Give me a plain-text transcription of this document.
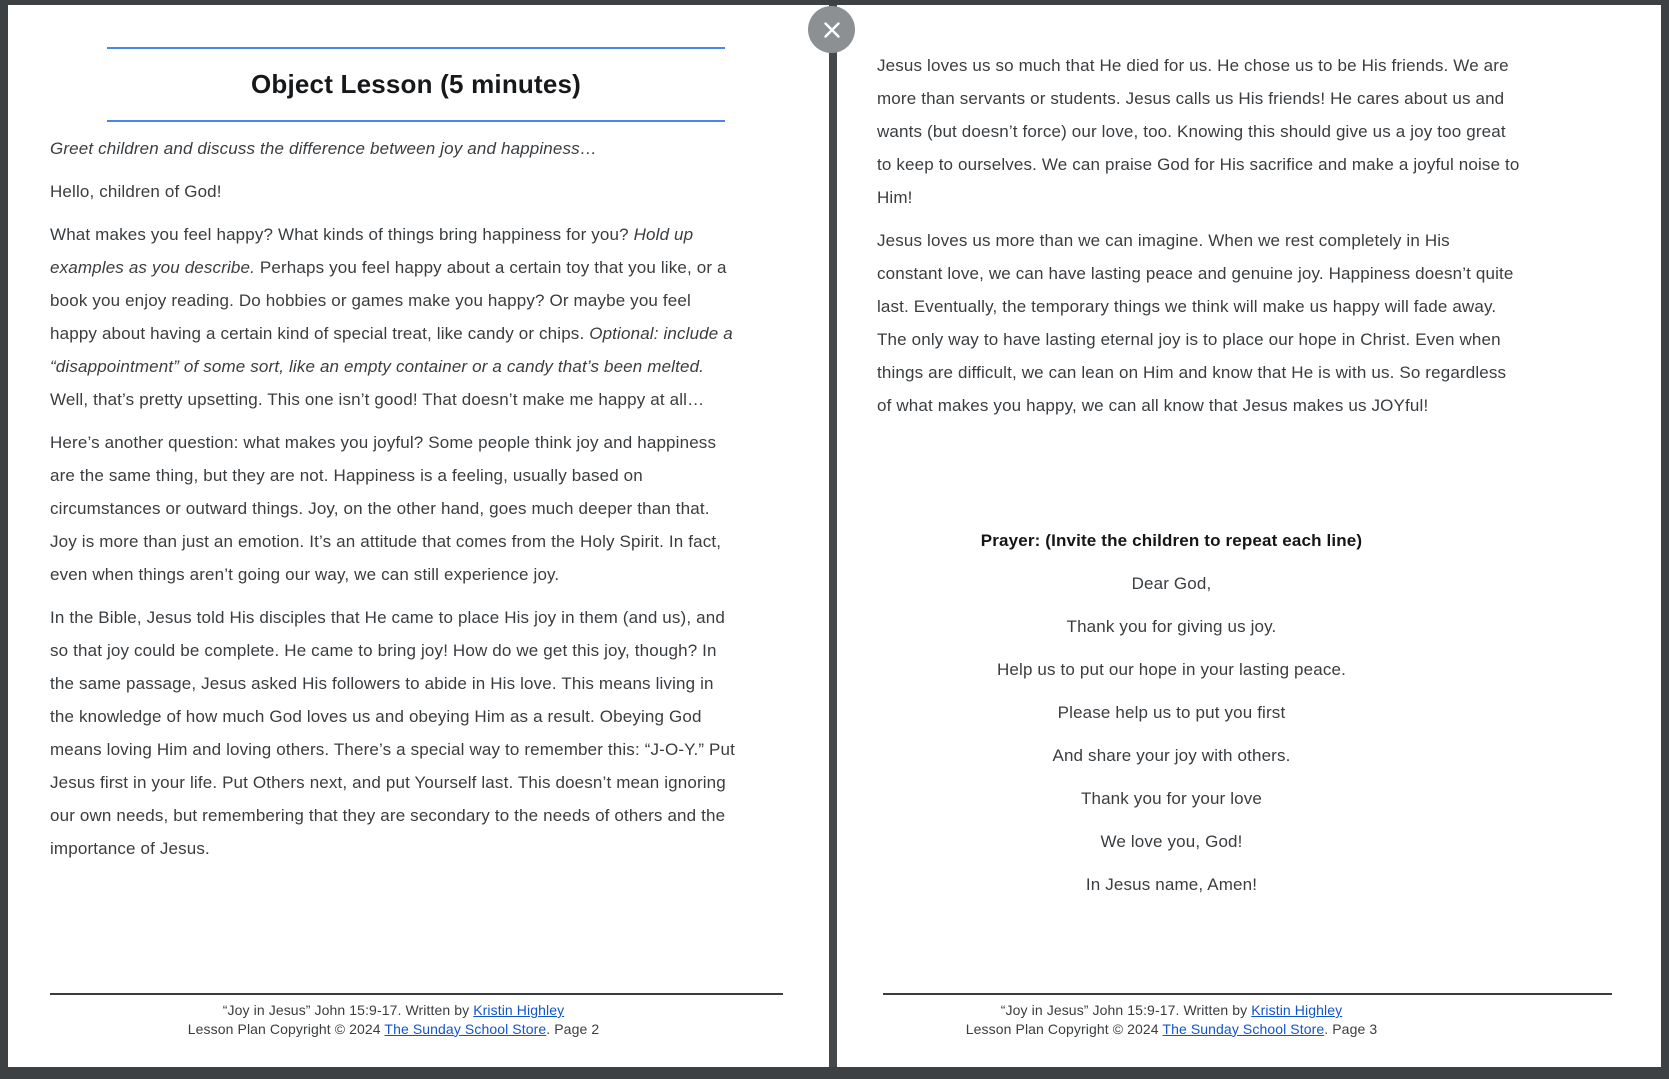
Object Lesson (5 minutes)

Greet children and discuss the difference between joy and happiness…

Hello, children of God!

What makes you feel happy? What kinds of things bring happiness for you? Hold up examples as you describe. Perhaps you feel happy about a certain toy that you like, or a book you enjoy reading. Do hobbies or games make you happy? Or maybe you feel happy about having a certain kind of special treat, like candy or chips. Optional: include a “disappointment” of some sort, like an empty container or a candy that’s been melted. Well, that’s pretty upsetting. This one isn’t good! That doesn’t make me happy at all…

Here’s another question: what makes you joyful? Some people think joy and happiness are the same thing, but they are not. Happiness is a feeling, usually based on circumstances or outward things. Joy, on the other hand, goes much deeper than that. Joy is more than just an emotion. It’s an attitude that comes from the Holy Spirit. In fact, even when things aren’t going our way, we can still experience joy.

In the Bible, Jesus told His disciples that He came to place His joy in them (and us), and so that joy could be complete. He came to bring joy! How do we get this joy, though? In the same passage, Jesus asked His followers to abide in His love. This means living in the knowledge of how much God loves us and obeying Him as a result. Obeying God means loving Him and loving others. There’s a special way to remember this: “J-O-Y.” Put Jesus first in your life. Put Others next, and put Yourself last. This doesn’t mean ignoring our own needs, but remembering that they are secondary to the needs of others and the importance of Jesus.

“Joy in Jesus” John 15:9-17. Written by Kristin Highley
Lesson Plan Copyright © 2024 The Sunday School Store. Page 2

Jesus loves us so much that He died for us. He chose us to be His friends. We are more than servants or students. Jesus calls us His friends! He cares about us and wants (but doesn’t force) our love, too. Knowing this should give us a joy too great to keep to ourselves. We can praise God for His sacrifice and make a joyful noise to Him!

Jesus loves us more than we can imagine. When we rest completely in His constant love, we can have lasting peace and genuine joy. Happiness doesn’t quite last. Eventually, the temporary things we think will make us happy will fade away. The only way to have lasting eternal joy is to place our hope in Christ. Even when things are difficult, we can lean on Him and know that He is with us. So regardless of what makes you happy, we can all know that Jesus makes us JOYful!

Prayer: (Invite the children to repeat each line)
Dear God,
Thank you for giving us joy.
Help us to put our hope in your lasting peace.
Please help us to put you first
And share your joy with others.
Thank you for your love
We love you, God!
In Jesus name, Amen!
“Joy in Jesus” John 15:9-17. Written by Kristin Highley
Lesson Plan Copyright © 2024 The Sunday School Store. Page 3
